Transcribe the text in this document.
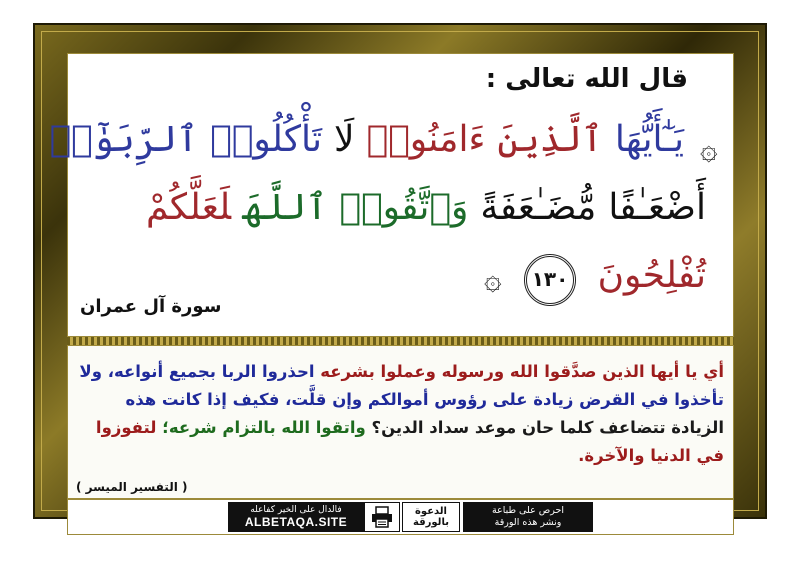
قال الله تعالى :
۞
يَـٰٓأَيُّهَاٱلَّذِينَءَامَنُوا۟لَاتَأْكُلُوا۟ٱلرِّبَوٰٓا۟
أَضْعَـٰفًامُّضَـٰعَفَةًوَٱتَّقُوا۟ٱللَّهَلَعَلَّكُمْ
تُفْلِحُونَ
١٣٠
۞
سورة آل عمران
أي يا أيها الذين صدَّقوا الله ورسوله وعملوا بشرعه احذروا الربا بجميع أنواعه، ولا
تأخذوا في القرض زيادة على رؤوس أموالكم وإن قلَّت، فكيف إذا كانت هذه
الزيادة تتضاعف كلما حان موعد سداد الدين؟ واتقوا الله بالتزام شرعه؛ لتفوزوا
في الدنيا والآخرة.
( التفسير الميسر )
فالدال على الخير كفاعله
ALBETAQA.SITE
الدعوة
بالورقة
احرص على طباعة
ونشر هذه الورقة
